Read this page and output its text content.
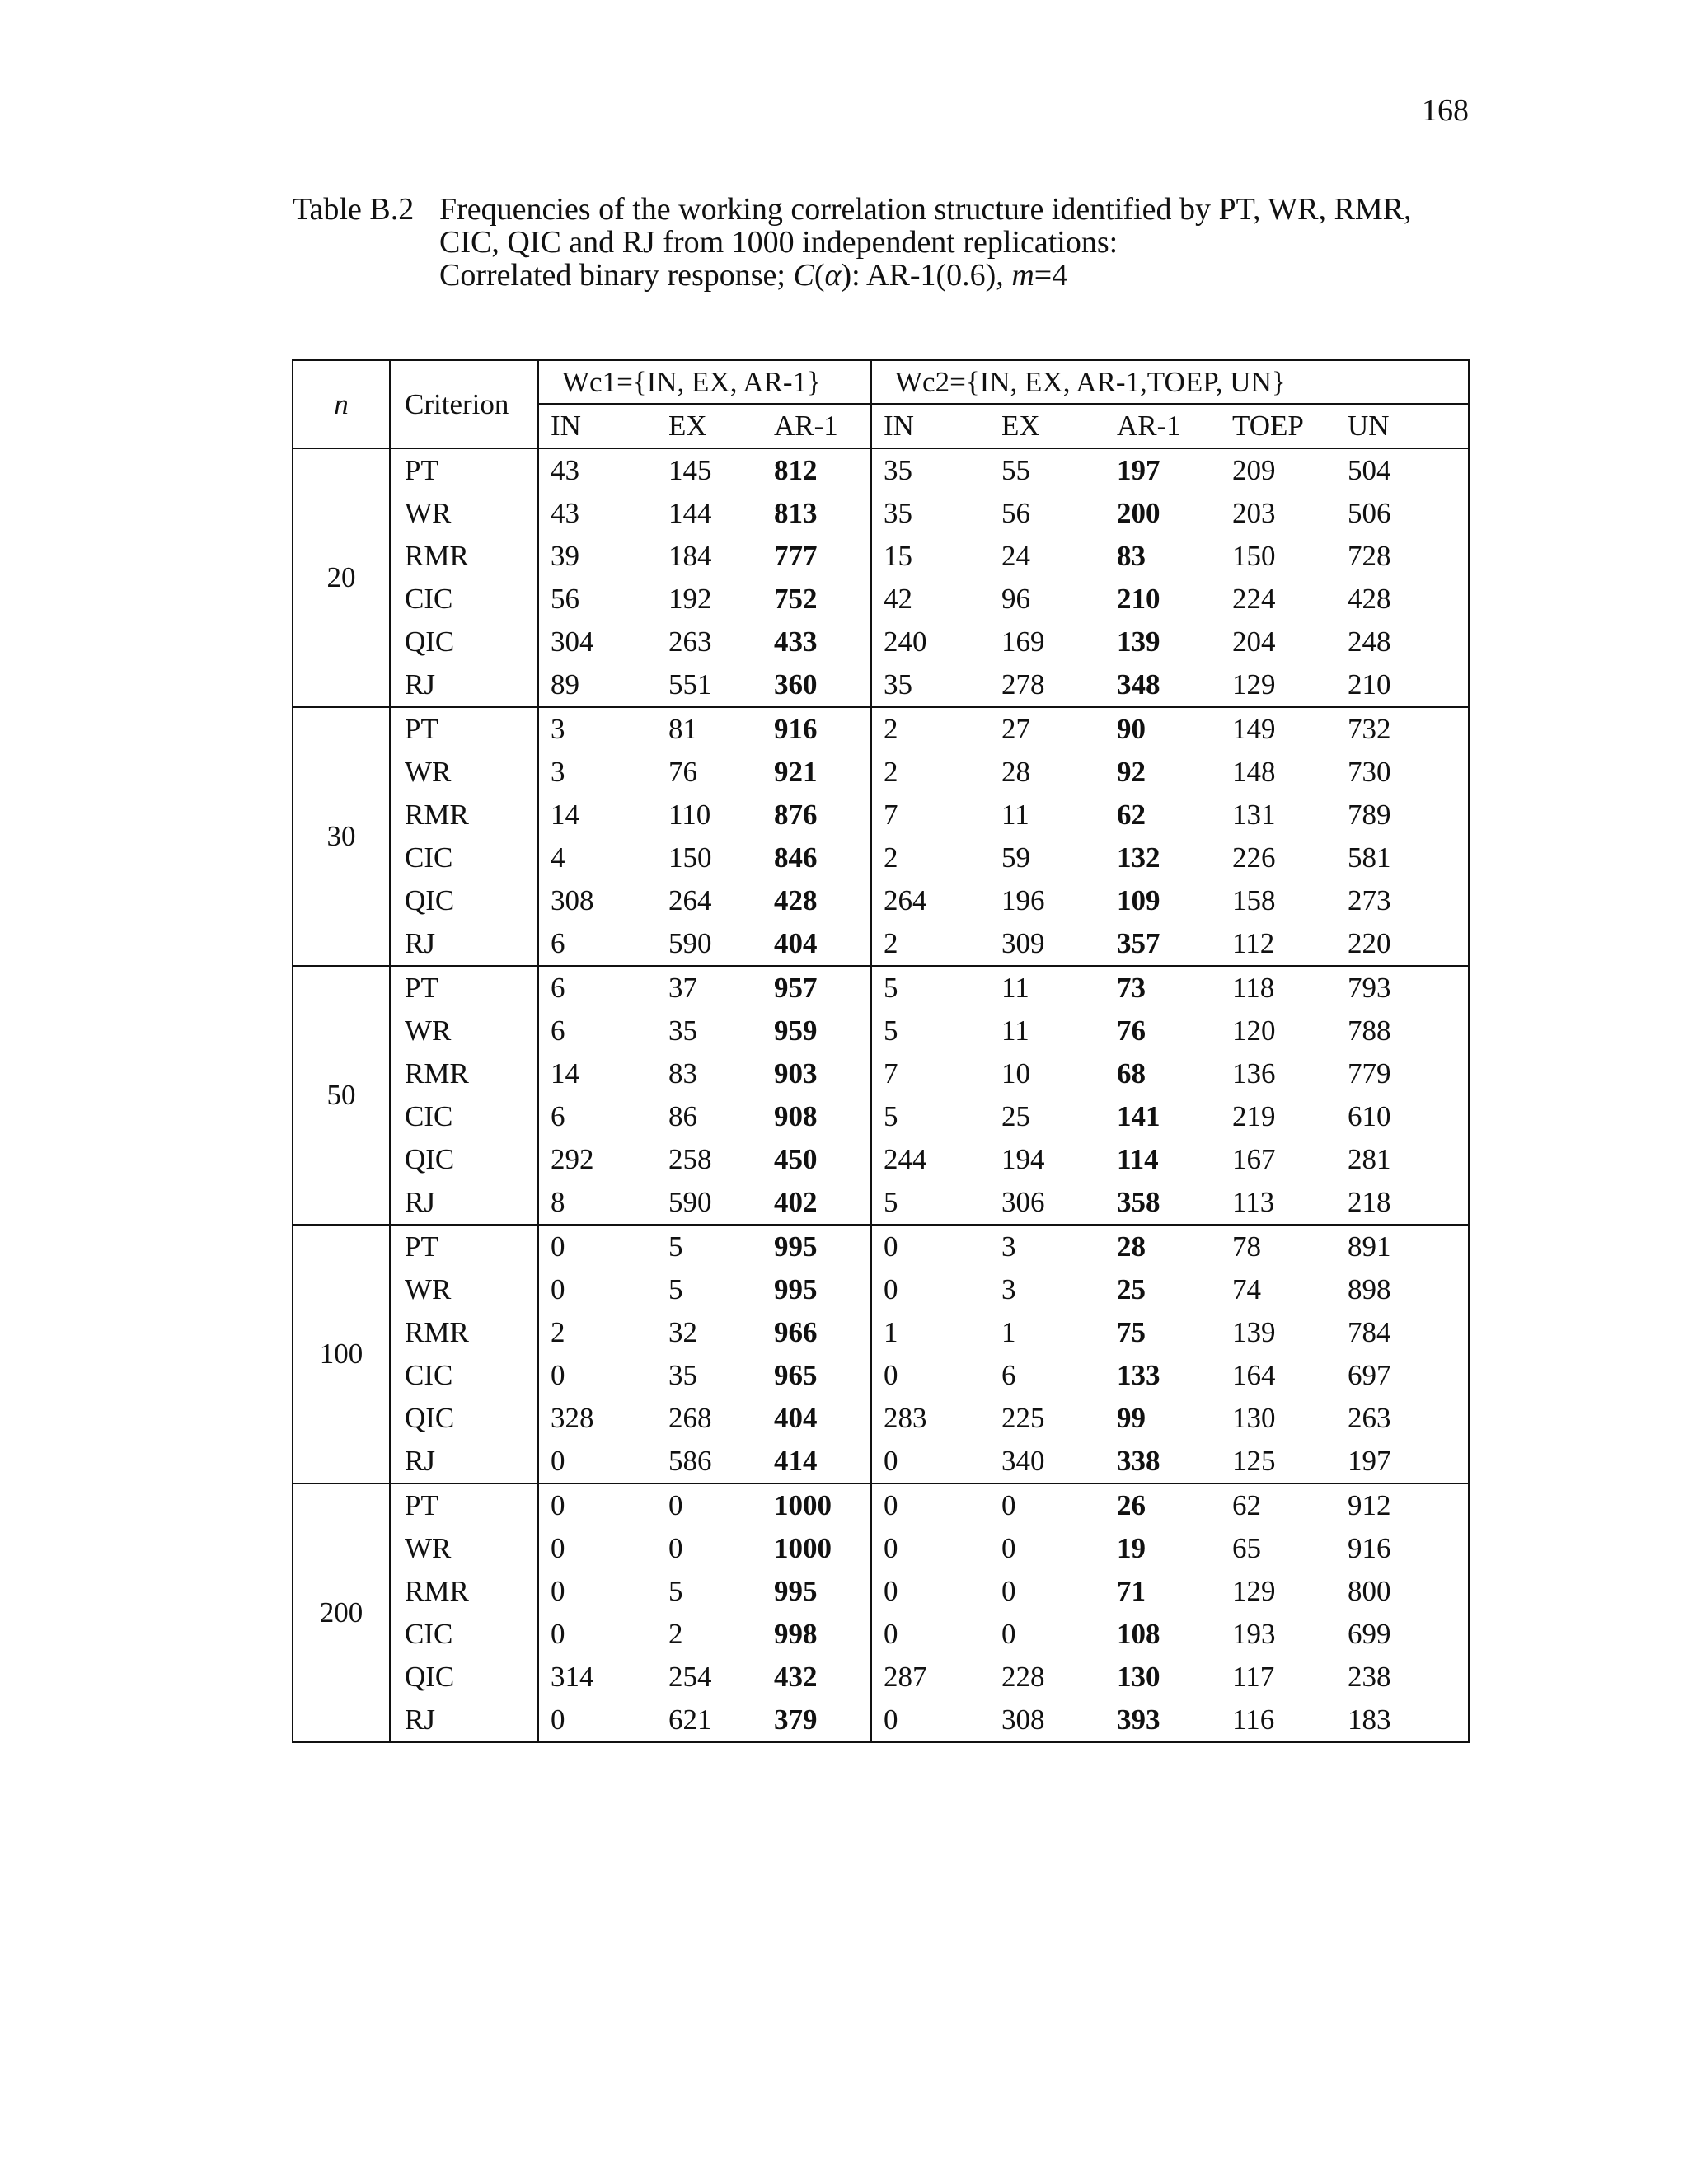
168
Table B.2 Frequencies of the working correlation structure identified by PT, WR, RMR,
CIC, QIC and RJ from 1000 independent replications:
Correlated binary response; C(α): AR-1(0.6), m=4
n	Criterion	Wc1={IN, EX, AR-1}			Wc2={IN, EX, AR-1,TOEP, UN}				
		IN	EX	AR-1	IN	EX	AR-1	TOEP	UN
20	PT	43	145	812	35	55	197	209	504
	WR	43	144	813	35	56	200	203	506
	RMR	39	184	777	15	24	83	150	728
	CIC	56	192	752	42	96	210	224	428
	QIC	304	263	433	240	169	139	204	248
	RJ	89	551	360	35	278	348	129	210
30	PT	3	81	916	2	27	90	149	732
	WR	3	76	921	2	28	92	148	730
	RMR	14	110	876	7	11	62	131	789
	CIC	4	150	846	2	59	132	226	581
	QIC	308	264	428	264	196	109	158	273
	RJ	6	590	404	2	309	357	112	220
50	PT	6	37	957	5	11	73	118	793
	WR	6	35	959	5	11	76	120	788
	RMR	14	83	903	7	10	68	136	779
	CIC	6	86	908	5	25	141	219	610
	QIC	292	258	450	244	194	114	167	281
	RJ	8	590	402	5	306	358	113	218
100	PT	0	5	995	0	3	28	78	891
	WR	0	5	995	0	3	25	74	898
	RMR	2	32	966	1	1	75	139	784
	CIC	0	35	965	0	6	133	164	697
	QIC	328	268	404	283	225	99	130	263
	RJ	0	586	414	0	340	338	125	197
200	PT	0	0	1000	0	0	26	62	912
	WR	0	0	1000	0	0	19	65	916
	RMR	0	5	995	0	0	71	129	800
	CIC	0	2	998	0	0	108	193	699
	QIC	314	254	432	287	228	130	117	238
	RJ	0	621	379	0	308	393	116	183
